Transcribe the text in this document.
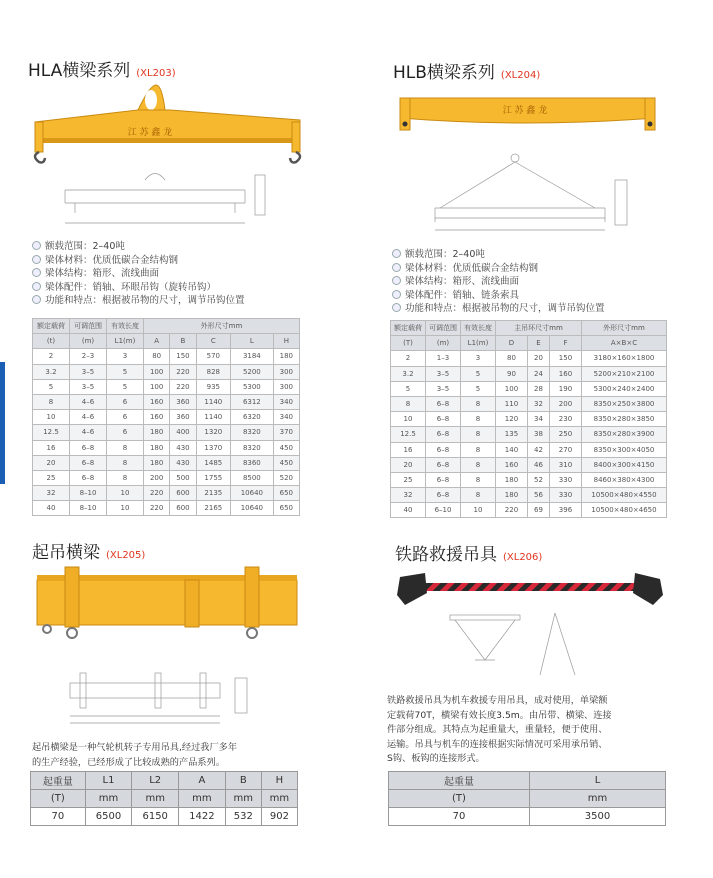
HLA横梁系列 (XL203)
江 苏 鑫 龙
额载范围：2–40吨
梁体材料：优质低碳合金结构钢
梁体结构：箱形、流线曲面
梁体配件：销轴、环眼吊钩（旋转吊钩）
功能和特点：根据被吊物的尺寸，调节吊钩位置
额定载荷	可调范围	有效长度	外形尺寸mm				
(t)	(m)	L1(m)	A	B	C	L	H
2	2–3	3	80	150	570	3184	180
3.2	3–5	5	100	220	828	5200	300
5	3–5	5	100	220	935	5300	300
8	4–6	6	160	360	1140	6312	340
10	4–6	6	160	360	1140	6320	340
12.5	4–6	6	180	400	1320	8320	370
16	6–8	8	180	430	1370	8320	450
20	6–8	8	180	430	1485	8360	450
25	6–8	8	200	500	1755	8500	520
32	8–10	10	220	600	2135	10640	650
40	8–10	10	220	600	2165	10640	650
HLB横梁系列 (XL204)
江 苏 鑫 龙
额载范围：2–40吨
梁体材料：优质低碳合金结构钢
梁体结构：箱形、流线曲面
梁体配件：销轴、链条索具
功能和特点：根据被吊物的尺寸，调节吊钩位置
额定载荷	可调范围	有效长度	主吊环尺寸mm			外形尺寸mm
(T)	(m)	L1(m)	D	E	F	A×B×C
2	1–3	3	80	20	150	3180×160×1800
3.2	3–5	5	90	24	160	5200×210×2100
5	3–5	5	100	28	190	5300×240×2400
8	6–8	8	110	32	200	8350×250×3800
10	6–8	8	120	34	230	8350×280×3850
12.5	6–8	8	135	38	250	8350×280×3900
16	6–8	8	140	42	270	8350×300×4050
20	6–8	8	160	46	310	8400×300×4150
25	6–8	8	180	52	330	8460×380×4300
32	6–8	8	180	56	330	10500×480×4550
40	6–10	10	220	69	396	10500×480×4650
起吊横梁 (XL205)
起吊横梁是一种气轮机转子专用吊具,经过我厂多年
的生产经验，已经形成了比较成熟的产品系列。
起重量	L1	L2	A	B	H
(T)	mm	mm	mm	mm	mm
70	6500	6150	1422	532	902
铁路救援吊具 (XL206)
铁路救援吊具为机车救援专用吊具，成对使用，单梁额
定载荷70T，横梁有效长度3.5m。由吊带、横梁、连接
件部分组成。其特点为起重量大，重量轻，便于使用、
运输。吊具与机车的连接根据实际情况可采用承吊销、
S钩、板钩的连接形式。
起重量	L
(T)	mm
70	3500
